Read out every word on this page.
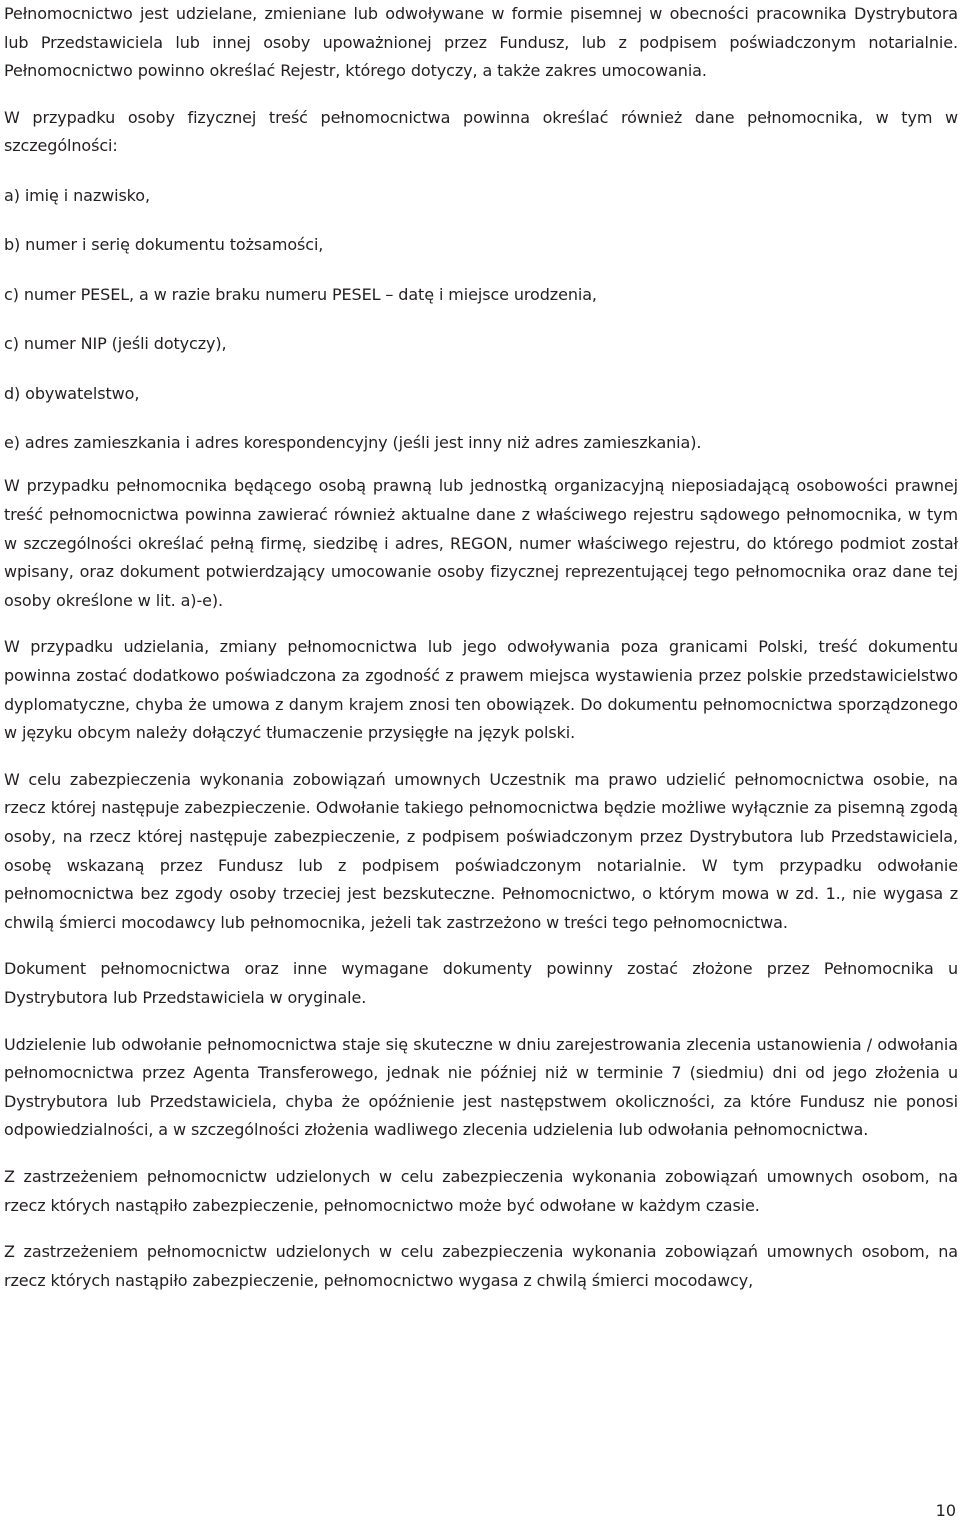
Pełnomocnictwo jest udzielane, zmieniane lub odwoływane w formie pisemnej w obecności pracownika Dystrybutora lub Przedstawiciela lub innej osoby upoważnionej przez Fundusz, lub z podpisem poświadczonym notarialnie. Pełnomocnictwo powinno określać Rejestr, którego dotyczy, a także zakres umocowania.

W przypadku osoby fizycznej treść pełnomocnictwa powinna określać również dane pełnomocnika, w tym w szczególności:

a) imię i nazwisko,

b) numer i serię dokumentu tożsamości,

c) numer PESEL, a w razie braku numeru PESEL – datę i miejsce urodzenia,

c) numer NIP (jeśli dotyczy),

d) obywatelstwo,

e) adres zamieszkania i adres korespondencyjny (jeśli jest inny niż adres zamieszkania).

W przypadku pełnomocnika będącego osobą prawną lub jednostką organizacyjną nieposiadającą osobowości prawnej treść pełnomocnictwa powinna zawierać również aktualne dane z właściwego rejestru sądowego pełnomocnika, w tym w szczególności określać pełną firmę, siedzibę i adres, REGON, numer właściwego rejestru, do którego podmiot został wpisany, oraz dokument potwierdzający umocowanie osoby fizycznej reprezentującej tego pełnomocnika oraz dane tej osoby określone w lit. a)-e).

W przypadku udzielania, zmiany pełnomocnictwa lub jego odwoływania poza granicami Polski, treść dokumentu powinna zostać dodatkowo poświadczona za zgodność z prawem miejsca wystawienia przez polskie przedstawicielstwo dyplomatyczne, chyba że umowa z danym krajem znosi ten obowiązek. Do dokumentu pełnomocnictwa sporządzonego w języku obcym należy dołączyć tłumaczenie przysięgłe na język polski.

W celu zabezpieczenia wykonania zobowiązań umownych Uczestnik ma prawo udzielić pełnomocnictwa osobie, na rzecz której następuje zabezpieczenie. Odwołanie takiego pełnomocnictwa będzie możliwe wyłącznie za pisemną zgodą osoby, na rzecz której następuje zabezpieczenie, z podpisem poświadczonym przez Dystrybutora lub Przedstawiciela, osobę wskazaną przez Fundusz lub z podpisem poświadczonym notarialnie. W tym przypadku odwołanie pełnomocnictwa bez zgody osoby trzeciej jest bezskuteczne. Pełnomocnictwo, o którym mowa w zd. 1., nie wygasa z chwilą śmierci mocodawcy lub pełnomocnika, jeżeli tak zastrzeżono w treści tego pełnomocnictwa.

Dokument pełnomocnictwa oraz inne wymagane dokumenty powinny zostać złożone przez Pełnomocnika u Dystrybutora lub Przedstawiciela w oryginale.

Udzielenie lub odwołanie pełnomocnictwa staje się skuteczne w dniu zarejestrowania zlecenia ustanowienia / odwołania pełnomocnictwa przez Agenta Transferowego, jednak nie później niż w terminie 7 (siedmiu) dni od jego złożenia u Dystrybutora lub Przedstawiciela, chyba że opóźnienie jest następstwem okoliczności, za które Fundusz nie ponosi odpowiedzialności, a w szczególności złożenia wadliwego zlecenia udzielenia lub odwołania pełnomocnictwa.

Z zastrzeżeniem pełnomocnictw udzielonych w celu zabezpieczenia wykonania zobowiązań umownych osobom, na rzecz których nastąpiło zabezpieczenie, pełnomocnictwo może być odwołane w każdym czasie.

Z zastrzeżeniem pełnomocnictw udzielonych w celu zabezpieczenia wykonania zobowiązań umownych osobom, na rzecz których nastąpiło zabezpieczenie, pełnomocnictwo wygasa z chwilą śmierci mocodawcy,

10
